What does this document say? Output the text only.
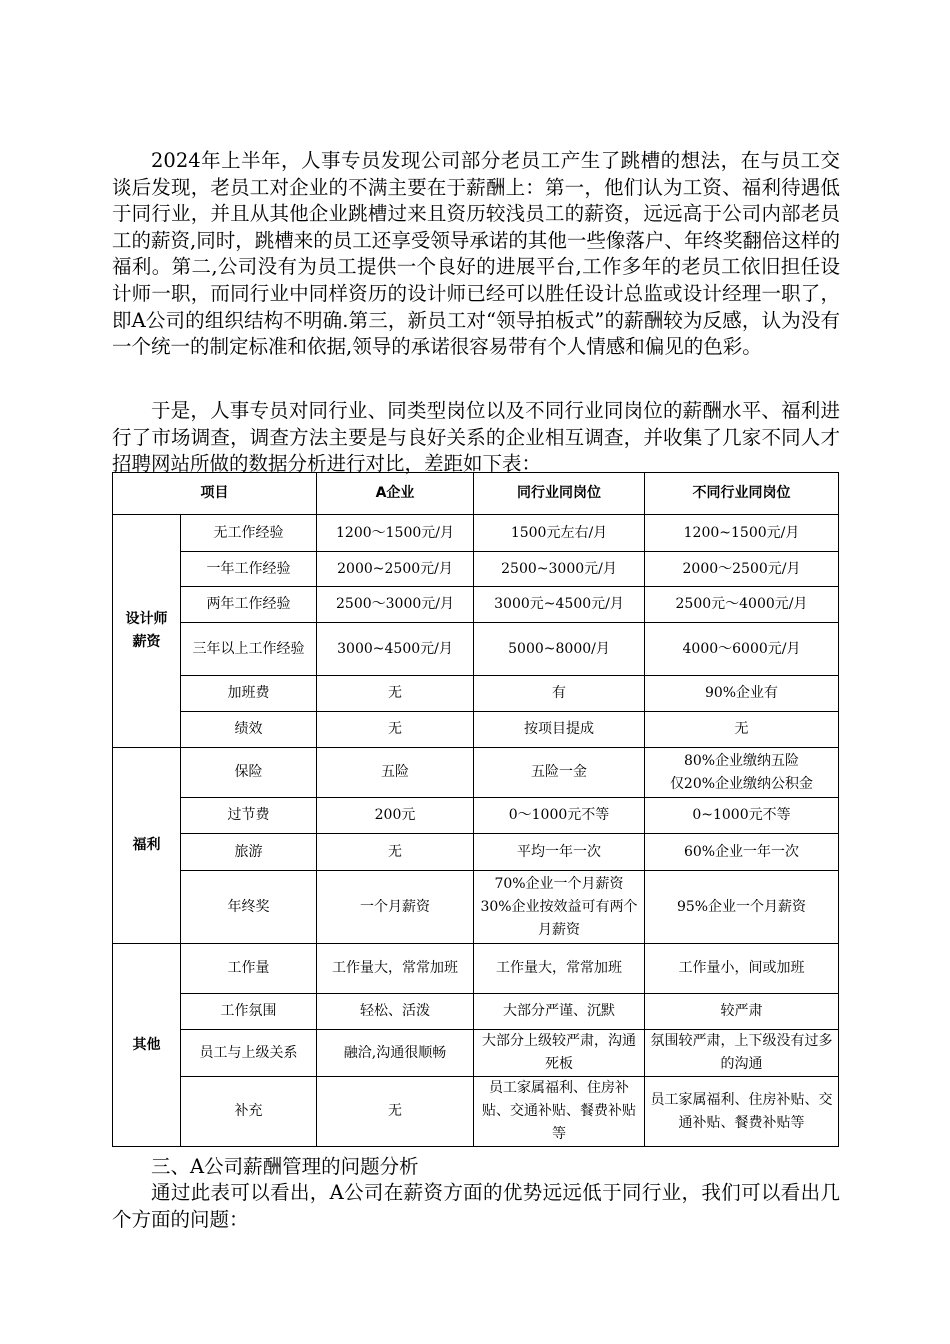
2024年上半年，人事专员发现公司部分老员工产生了跳槽的想法，在与员工交谈后发现，老员工对企业的不满主要在于薪酬上：第一，他们认为工资、福利待遇低于同行业，并且从其他企业跳槽过来且资历较浅员工的薪资，远远高于公司内部老员工的薪资,同时，跳槽来的员工还享受领导承诺的其他一些像落户、年终奖翻倍这样的福利。第二,公司没有为员工提供一个良好的进展平台,工作多年的老员工依旧担任设计师一职，而同行业中同样资历的设计师已经可以胜任设计总监或设计经理一职了，即A公司的组织结构不明确.第三，新员工对“领导拍板式”的薪酬较为反感，认为没有一个统一的制定标准和依据,领导的承诺很容易带有个人情感和偏见的色彩。

于是，人事专员对同行业、同类型岗位以及不同行业同岗位的薪酬水平、福利进行了市场调查，调查方法主要是与良好关系的企业相互调查，并收集了几家不同人才招聘网站所做的数据分析进行对比，差距如下表：

项目		A企业	同行业同岗位	不同行业同岗位
设计师
薪资	无工作经验	1200～1500元/月	1500元左右/月	1200~1500元/月
	一年工作经验	2000~2500元/月	2500~3000元/月	2000～2500元/月
	两年工作经验	2500～3000元/月	3000元~4500元/月	2500元～4000元/月
	三年以上工作经验	3000~4500元/月	5000~8000/月	4000～6000元/月
	加班费	无	有	90%企业有
	绩效	无	按项目提成	无
福利	保险	五险	五险一金	80%企业缴纳五险
仅20%企业缴纳公积金
	过节费	200元	0～1000元不等	0~1000元不等
	旅游	无	平均一年一次	60%企业一年一次
	年终奖	一个月薪资	70%企业一个月薪资
30%企业按效益可有两个月薪资	95%企业一个月薪资
其他	工作量	工作量大，常常加班	工作量大，常常加班	工作量小，间或加班
	工作氛围	轻松、活泼	大部分严谨、沉默	较严肃
	员工与上级关系	融洽,沟通很顺畅	大部分上级较严肃，沟通死板	氛围较严肃，上下级没有过多的沟通
	补充	无	员工家属福利、住房补贴、交通补贴、餐费补贴等	员工家属福利、住房补贴、交通补贴、餐费补贴等

三、A公司薪酬管理的问题分析

通过此表可以看出，A公司在薪资方面的优势远远低于同行业，我们可以看出几个方面的问题：
